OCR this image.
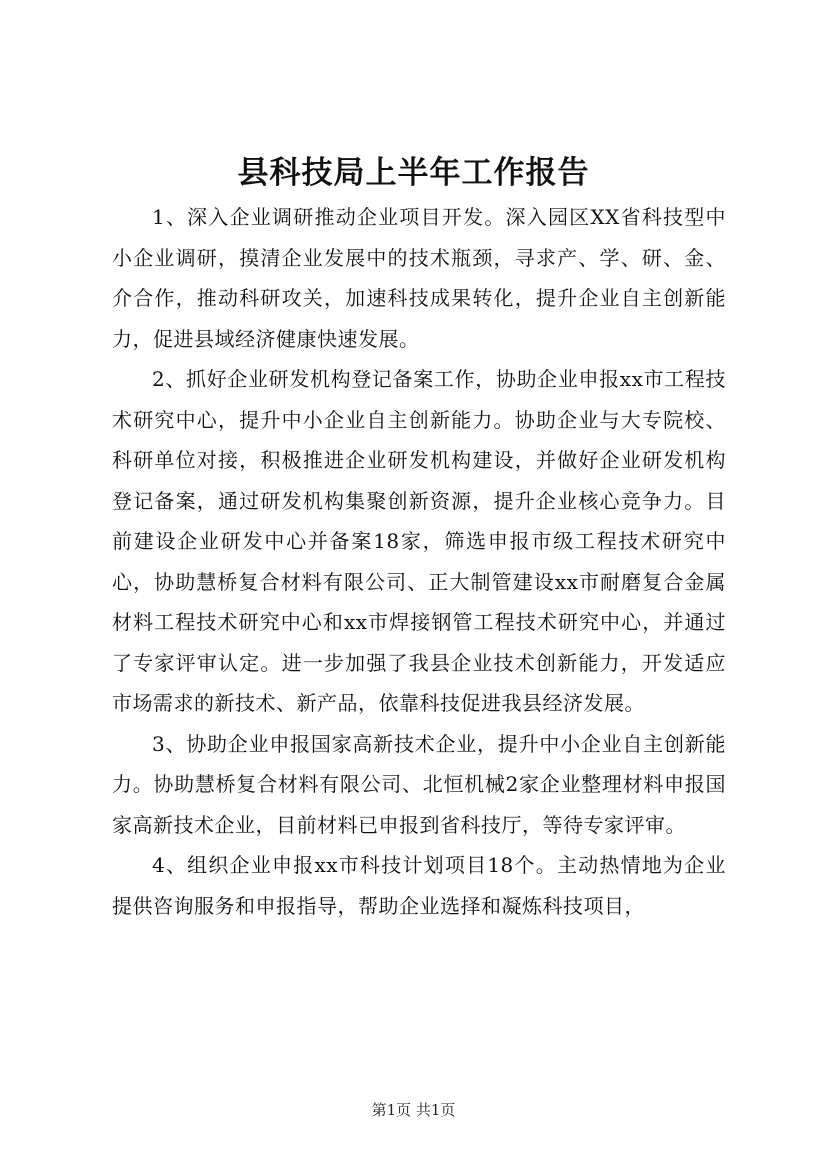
县科技局上半年工作报告

1、深入企业调研推动企业项目开发。深入园区XX省科技型中小企业调研，摸清企业发展中的技术瓶颈，寻求产、学、研、金、介合作，推动科研攻关，加速科技成果转化，提升企业自主创新能力，促进县域经济健康快速发展。

2、抓好企业研发机构登记备案工作，协助企业申报xx市工程技术研究中心，提升中小企业自主创新能力。协助企业与大专院校、科研单位对接，积极推进企业研发机构建设，并做好企业研发机构登记备案，通过研发机构集聚创新资源，提升企业核心竞争力。目前建设企业研发中心并备案18家，筛选申报市级工程技术研究中心，协助慧桥复合材料有限公司、正大制管建设xx市耐磨复合金属材料工程技术研究中心和xx市焊接钢管工程技术研究中心，并通过了专家评审认定。进一步加强了我县企业技术创新能力，开发适应市场需求的新技术、新产品，依靠科技促进我县经济发展。

3、协助企业申报国家高新技术企业，提升中小企业自主创新能力。协助慧桥复合材料有限公司、北恒机械2家企业整理材料申报国家高新技术企业，目前材料已申报到省科技厅，等待专家评审。

4、组织企业申报xx市科技计划项目18个。主动热情地为企业提供咨询服务和申报指导，帮助企业选择和凝炼科技项目，

第1页 共1页
